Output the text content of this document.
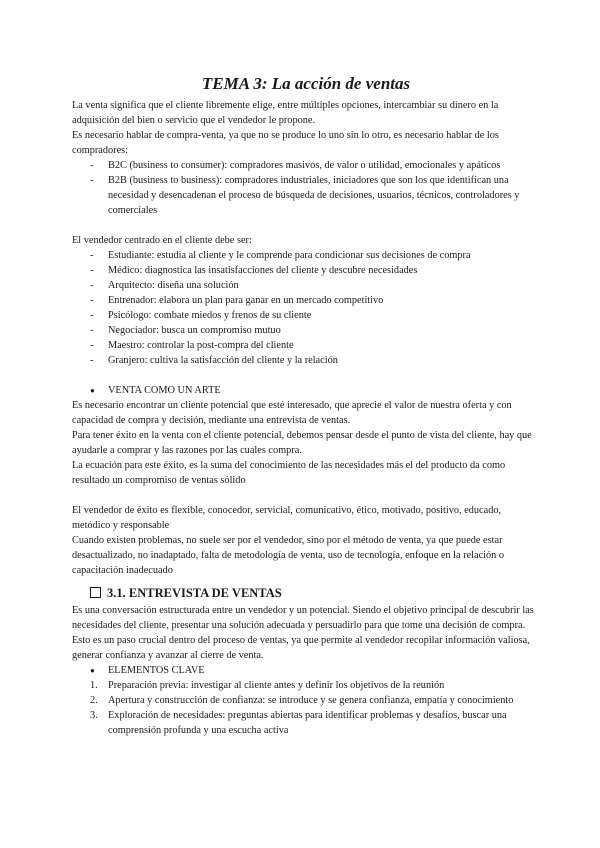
TEMA 3: La acción de ventas

La venta significa que el cliente libremente elige, entre múltiples opciones, intercambiar su dinero en la adquisición del bien o servicio que el vendedor le propone.

Es necesario hablar de compra-venta, ya que no se produce lo uno sin lo otro, es necesario hablar de los compradores:

- B2C (business to consumer): compradores masivos, de valor o utilidad, emocionales y apáticos
- B2B (business to business): compradores industriales, iniciadores que son los que identifican una necesidad y desencadenan el proceso de búsqueda de decisiones, usuarios, técnicos, controladores y comerciales

El vendedor centrado en el cliente debe ser:

- Estudiante: estudia al cliente y le comprende para condicionar sus decisiones de compra
- Médico: diagnostica las insatisfacciones del cliente y descubre necesidades
- Arquitecto: diseña una solución
- Entrenador: elabora un plan para ganar en un mercado competitivo
- Psicólogo: combate miedos y frenos de su cliente
- Negociador: busca un compromiso mutuo
- Maestro: controlar la post-compra del cliente
- Granjero: cultiva la satisfacción del cliente y la relación
● VENTA COMO UN ARTE

Es necesario encontrar un cliente potencial que esté interesado, que aprecie el valor de nuestra oferta y con capacidad de compra y decisión, mediante una entrevista de ventas.

Para tener éxito en la venta con el cliente potencial, debemos pensar desde el punto de vista del cliente, hay que ayudarle a comprar y las razones por las cuales compra.

La ecuación para este éxito, es la suma del conocimiento de las necesidades más el del producto da como resultado un compromiso de ventas sólido

El vendedor de éxito es flexible, conocedor, servicial, comunicativo, ético, motivado, positivo, educado, metódico y responsable

Cuando existen problemas, no suele ser por el vendedor, sino por el método de venta, ya que puede estar desactualizado, no inadaptado, falta de metodología de venta, uso de tecnología, enfoque en la relación o capacitación inadecuado

3.1. ENTREVISTA DE VENTAS

Es una conversación estructurada entre un vendedor y un potencial. Siendo el objetivo principal de descubrir las necesidades del cliente, presentar una solución adecuada y persuadirlo para que tome una decisión de compra.

Esto es un paso crucial dentro del proceso de ventas, ya que permite al vendedor recopilar información valiosa, generar confianza y avanzar al cierre de venta.

● ELEMENTOS CLAVE
1. Preparación previa: investigar al cliente antes y definir los objetivos de la reunión
2. Apertura y construcción de confianza: se introduce y se genera confianza, empatía y conocimiento
3. Exploración de necesidades: preguntas abiertas para identificar problemas y desafíos, buscar una comprensión profunda y una escucha activa
